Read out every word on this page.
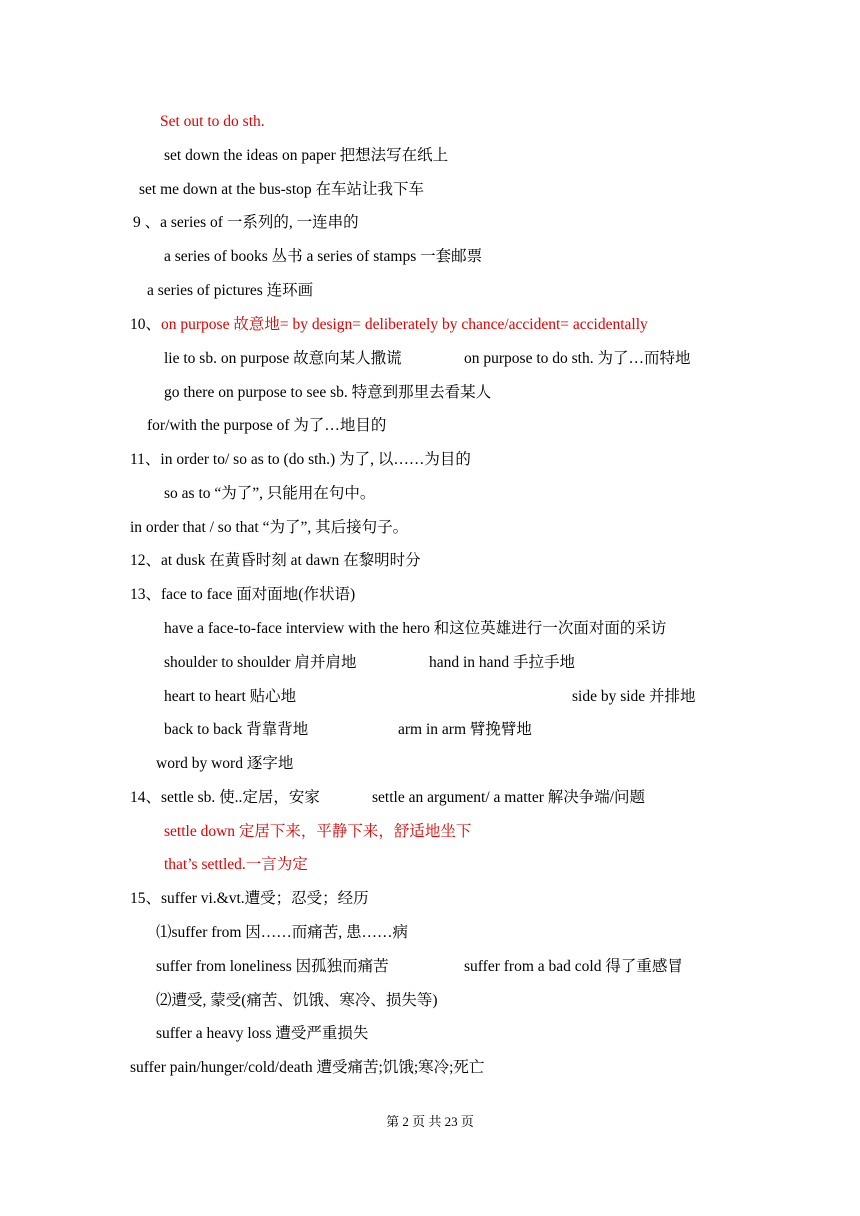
Set out to do sth.
set down the ideas on paper 把想法写在纸上
set me down at the bus-stop 在车站让我下车
9 、a series of 一系列的, 一连串的
a series of books 丛书 a series of stamps 一套邮票
a series of pictures 连环画
10、on purpose 故意地= by design= deliberately by chance/accident= accidentally
lie to sb. on purpose 故意向某人撒谎	on purpose to do sth. 为了…而特地
go there on purpose to see sb. 特意到那里去看某人
for/with the purpose of 为了…地目的
11、in order to/ so as to (do sth.) 为了, 以……为目的
so as to “为了”, 只能用在句中。
in order that / so that “为了”, 其后接句子。
12、at dusk 在黄昏时刻 at dawn 在黎明时分
13、face to face 面对面地(作状语)
have a face-to-face interview with the hero 和这位英雄进行一次面对面的采访
shoulder to shoulder 肩并肩地	hand in hand 手拉手地
heart to heart 贴心地	side by side 并排地
back to back 背靠背地	arm in arm 臂挽臂地
word by word 逐字地
14、settle sb. 使..定居，安家	settle an argument/ a matter 解决争端/问题
settle down 定居下来，平静下来，舒适地坐下
that’s settled.一言为定
15、suffer vi.&vt.遭受；忍受；经历
⑴suffer from 因……而痛苦, 患……病
suffer from loneliness 因孤独而痛苦	suffer from a bad cold 得了重感冒
⑵遭受, 蒙受(痛苦、饥饿、寒冷、损失等)
suffer a heavy loss 遭受严重损失
suffer pain/hunger/cold/death 遭受痛苦;饥饿;寒冷;死亡
第 2 页 共 23 页
